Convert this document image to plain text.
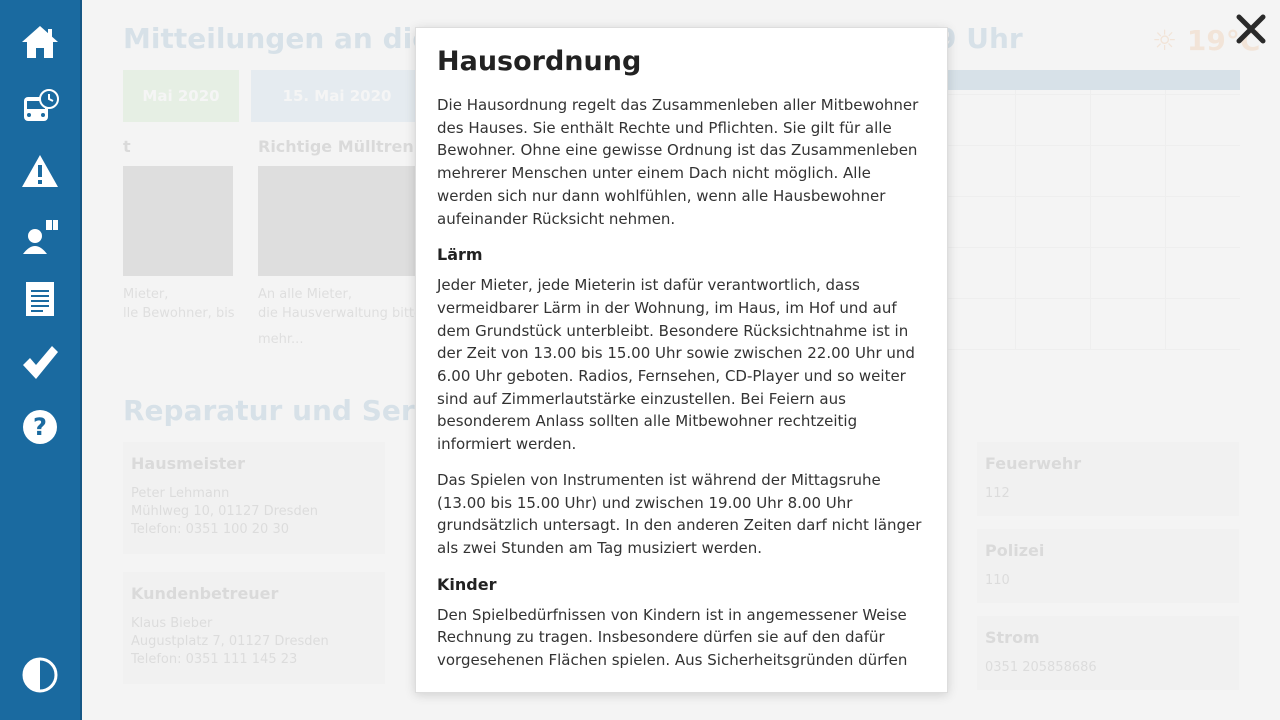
?
Mitteilungen an die Mi	9 Uhr	☼ 19°C
Mai 2020	15. Mai 2020
t	Richtige Mülltrennun
Mieter,
lle Bewohner, bis
An alle Mieter,
die Hausverwaltung bitte
mehr...
Reparatur und Service
Hausmeister
Peter Lehmann
Mühlweg 10, 01127 Dresden
Telefon: 0351 100 20 30
Kundenbetreuer
Klaus Bieber
Augustplatz 7, 01127 Dresden
Telefon: 0351 111 145 23
Feuerwehr
112
Polizei
110
Strom
0351 205858686
Hausordnung

Die Hausordnung regelt das Zusammenleben aller Mitbewohner des Hauses. Sie enthält Rechte und Pflichten. Sie gilt für alle Bewohner. Ohne eine gewisse Ordnung ist das Zusammenleben mehrerer Menschen unter einem Dach nicht möglich. Alle werden sich nur dann wohlfühlen, wenn alle Hausbewohner aufeinander Rücksicht nehmen.

Lärm

Jeder Mieter, jede Mieterin ist dafür verantwortlich, dass vermeidbarer Lärm in der Wohnung, im Haus, im Hof und auf dem Grundstück unterbleibt. Besondere Rücksichtnahme ist in der Zeit von 13.00 bis 15.00 Uhr sowie zwischen 22.00 Uhr und 6.00 Uhr geboten. Radios, Fernsehen, CD-Player und so weiter sind auf Zimmerlautstärke einzustellen. Bei Feiern aus besonderem Anlass sollten alle Mitbewohner rechtzeitig informiert werden.

Das Spielen von Instrumenten ist während der Mittagsruhe (13.00 bis 15.00 Uhr) und zwischen 19.00 Uhr 8.00 Uhr grundsätzlich untersagt. In den anderen Zeiten darf nicht länger als zwei Stunden am Tag musiziert werden.

Kinder

Den Spielbedürfnissen von Kindern ist in angemessener Weise Rechnung zu tragen. Insbesondere dürfen sie auf den dafür vorgesehenen Flächen spielen. Aus Sicherheitsgründen dürfen
